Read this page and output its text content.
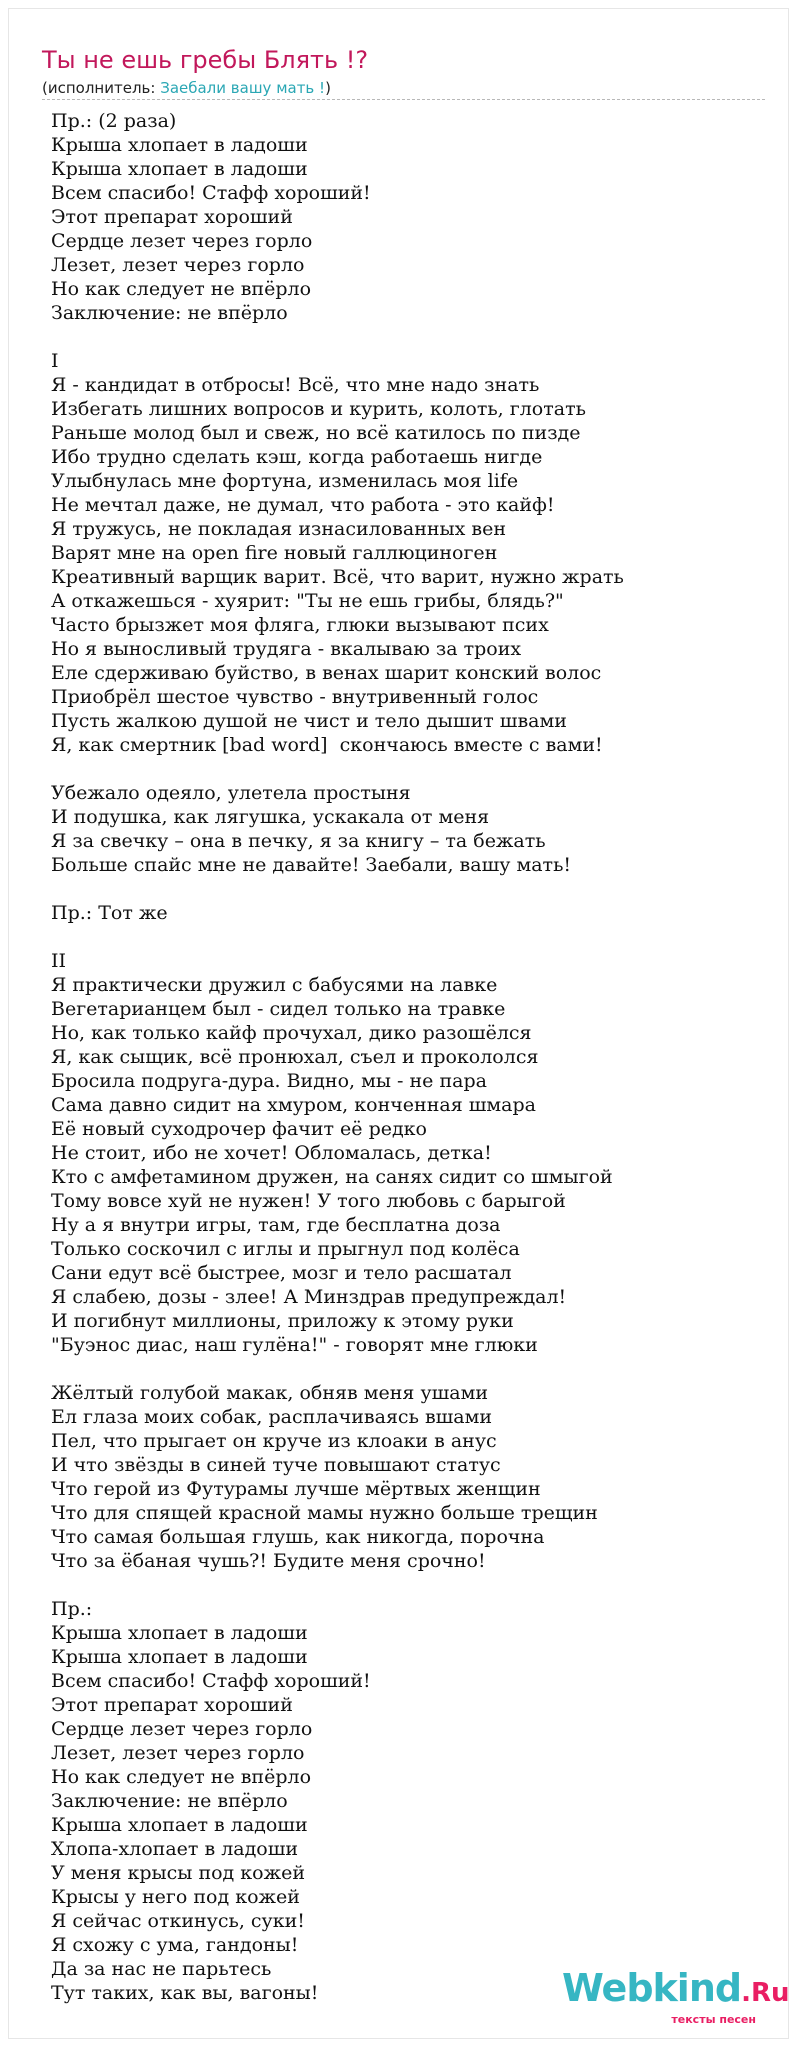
Ты не ешь гребы Блять !?
(исполнитель: Заебали вашу мать !)
Пр.: (2 раза)
Крыша хлопает в ладоши
Крыша хлопает в ладоши
Всем спасибо! Стафф хороший!
Этот препарат хороший
Сердце лезет через горло
Лезет, лезет через горло
Но как следует не впёрло
Заключение: не впёрло
I
Я - кандидат в отбросы! Всё, что мне надо знать
Избегать лишних вопросов и курить, колоть, глотать
Раньше молод был и свеж, но всё катилось по пизде
Ибо трудно сделать кэш, когда работаешь нигде
Улыбнулась мне фортуна, изменилась моя life
Не мечтал даже, не думал, что работа - это кайф!
Я тружусь, не покладая изнасилованных вен
Варят мне на open fire новый галлюциноген
Креативный варщик варит. Всё, что варит, нужно жрать
А откажешься - хуярит: "Ты не ешь грибы, блядь?"
Часто брызжет моя фляга, глюки вызывают псих
Но я выносливый трудяга - вкалываю за троих
Еле сдерживаю буйство, в венах шарит конский волос
Приобрёл шестое чувство - внутривенный голос
Пусть жалкою душой не чист и тело дышит швами
Я, как смертник [bad word]  скончаюсь вместе с вами!
Убежало одеяло, улетела простыня
И подушка, как лягушка, ускакала от меня
Я за свечку – она в печку, я за книгу – та бежать
Больше спайс мне не давайте! Заебали, вашу мать!
Пр.: Тот же
II
Я практически дружил с бабусями на лавке
Вегетарианцем был - сидел только на травке
Но, как только кайф прочухал, дико разошёлся
Я, как сыщик, всё пронюхал, съел и прокололся
Бросила подруга-дура. Видно, мы - не пара
Сама давно сидит на хмуром, конченная шмара
Её новый суходрочер фачит её редко
Не стоит, ибо не хочет! Обломалась, детка!
Кто с амфетамином дружен, на санях сидит со шмыгой
Тому вовсе хуй не нужен! У того любовь с барыгой
Ну а я внутри игры, там, где бесплатна доза
Только соскочил с иглы и прыгнул под колёса
Сани едут всё быстрее, мозг и тело расшатал
Я слабею, дозы - злее! А Минздрав предупреждал!
И погибнут миллионы, приложу к этому руки
"Буэнос диас, наш гулёна!" - говорят мне глюки
Жёлтый голубой макак, обняв меня ушами
Ел глаза моих собак, расплачиваясь вшами
Пел, что прыгает он круче из клоаки в анус
И что звёзды в синей туче повышают статус
Что герой из Футурамы лучше мёртвых женщин
Что для спящей красной мамы нужно больше трещин
Что самая большая глушь, как никогда, порочна
Что за ёбаная чушь?! Будите меня срочно!
Пр.:
Крыша хлопает в ладоши
Крыша хлопает в ладоши
Всем спасибо! Стафф хороший!
Этот препарат хороший
Сердце лезет через горло
Лезет, лезет через горло
Но как следует не впёрло
Заключение: не впёрло
Крыша хлопает в ладоши
Хлопа-хлопает в ладоши
У меня крысы под кожей
Крысы у него под кожей
Я сейчас откинусь, суки!
Я схожу с ума, гандоны!
Да за нас не парьтесь
Тут таких, как вы, вагоны!	Webkind.Ru
тексты песен
